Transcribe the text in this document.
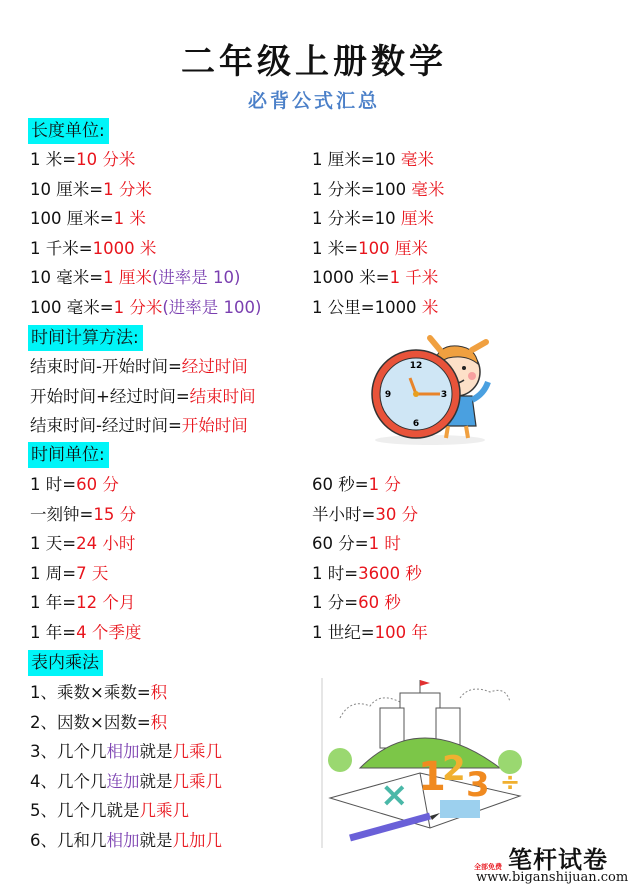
二年级上册数学
必背公式汇总
长度单位:
1 米=10 分米
10 厘米=1 分米
100 厘米=1 米
1 千米=1000 米
10 毫米=1 厘米(进率是 10)
100 毫米=1 分米(进率是 100)
1 厘米=10 毫米
1 分米=100 毫米
1 分米=10 厘米
1 米=100 厘米
1000 米=1 千米
1 公里=1000 米
时间计算方法:
结束时间-开始时间=经过时间
开始时间+经过时间=结束时间
结束时间-经过时间=开始时间
12
3
6
9
时间单位:
1 时=60 分
一刻钟=15 分
1 天=24 小时
1 周=7 天
1 年=12 个月
1 年=4 个季度
60 秒=1 分
半小时=30 分
60 分=1 时
1 时=3600 秒
1 分=60 秒
1 世纪=100 年
表内乘法
1、乘数×乘数=积
2、因数×因数=积
3、几个几相加就是几乘几
4、几个几连加就是几乘几
5、几个几就是几乘几
6、几和几相加就是几加几
1
2 3
×	÷
笔杆试卷
全部免费
www.biganshijuan.com
